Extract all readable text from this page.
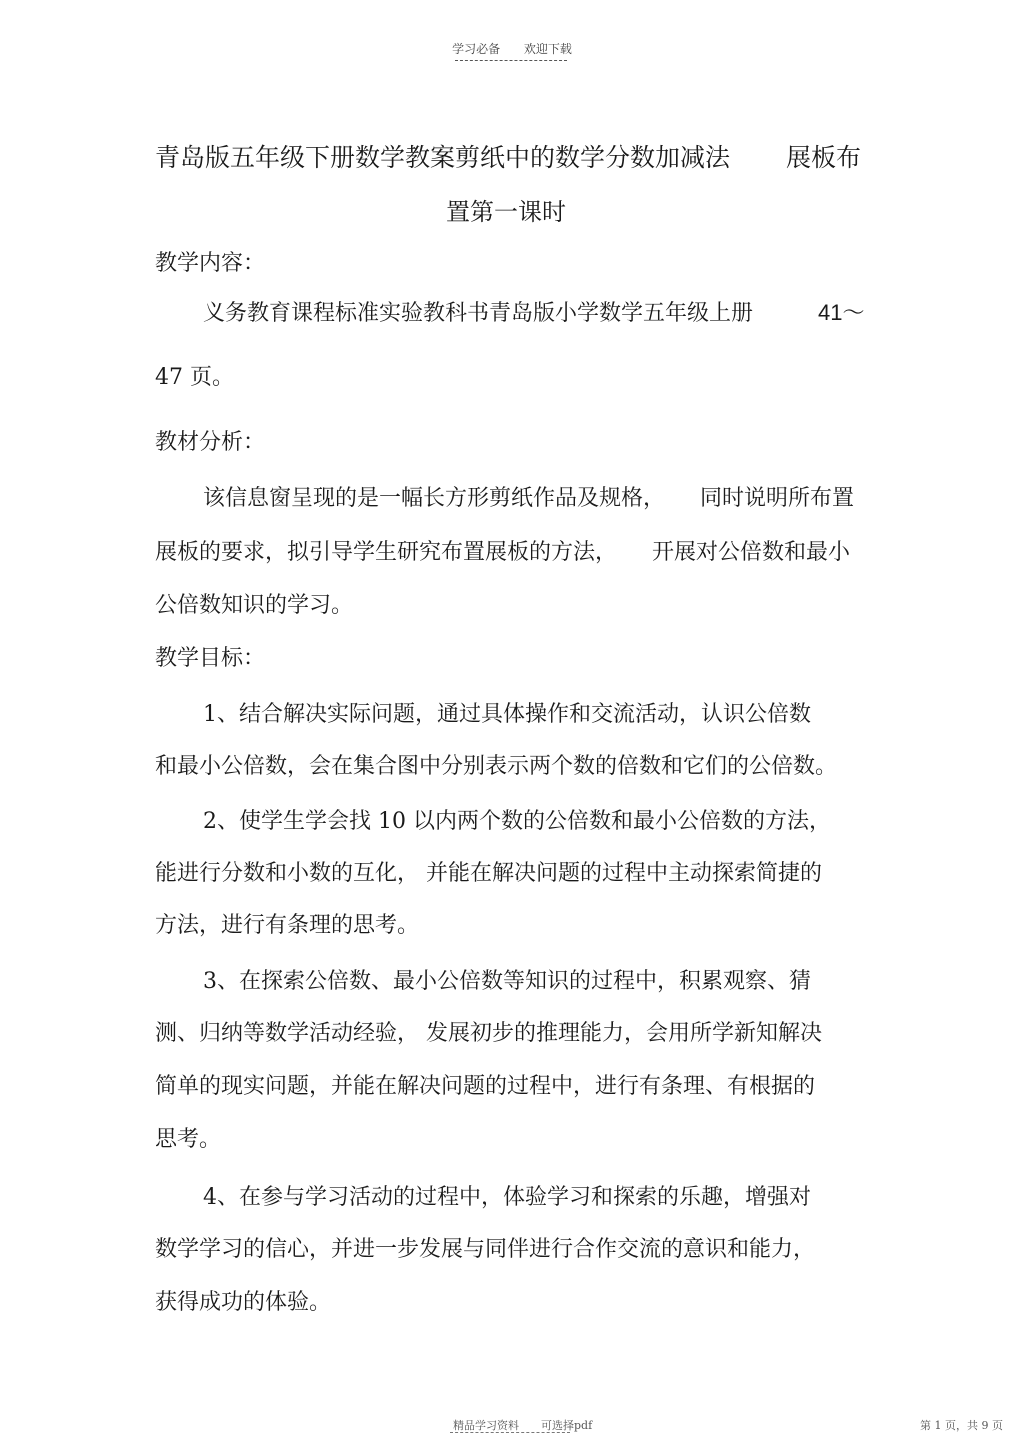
学习必备 欢迎下载
青岛版五年级下册数学教案剪纸中的数学分数加减法 展板布
置第一课时
教学内容：
义务教育课程标准实验教科书青岛版小学数学五年级上册	41～
47 页。
教材分析：
该信息窗呈现的是一幅长方形剪纸作品及规格， 同时说明所布置
展板的要求，拟引导学生研究布置展板的方法， 开展对公倍数和最小
公倍数知识的学习。
教学目标：
1、结合解决实际问题，通过具体操作和交流活动，认识公倍数
和最小公倍数，会在集合图中分别表示两个数的倍数和它们的公倍数。
2、使学生学会找 10 以内两个数的公倍数和最小公倍数的方法，
能进行分数和小数的互化， 并能在解决问题的过程中主动探索简捷的
方法，进行有条理的思考。
3、在探索公倍数、最小公倍数等知识的过程中，积累观察、猜
测、归纳等数学活动经验， 发展初步的推理能力，会用所学新知解决
简单的现实问题，并能在解决问题的过程中，进行有条理、有根据的
思考。
4、在参与学习活动的过程中，体验学习和探索的乐趣，增强对
数学学习的信心，并进一步发展与同伴进行合作交流的意识和能力，
获得成功的体验。
精品学习资料　　可选择pdf	第 1 页，共 9 页
